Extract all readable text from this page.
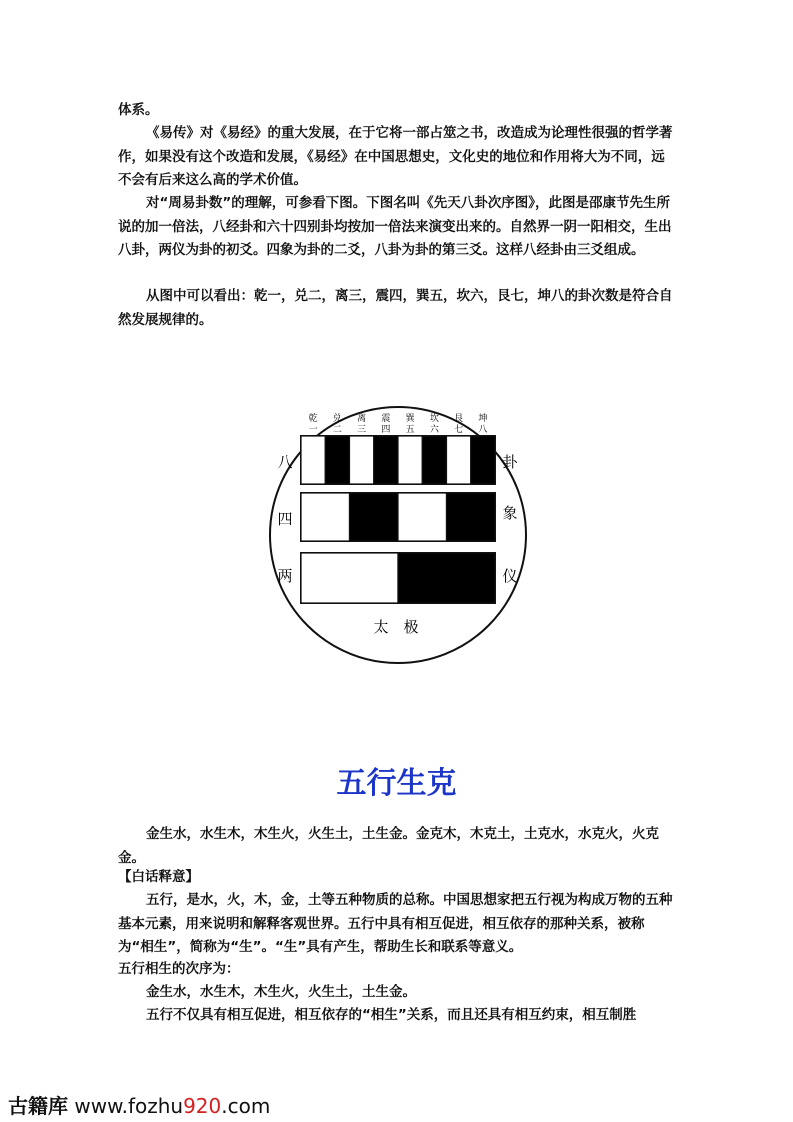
体系。

《易传》对《易经》的重大发展，在于它将一部占筮之书，改造成为论理性很强的哲学著作，如果没有这个改造和发展，《易经》在中国思想史，文化史的地位和作用将大为不同，远不会有后来这么高的学术价值。

对“周易卦数”的理解，可参看下图。下图名叫《先天八卦次序图》，此图是邵康节先生所说的加一倍法，八经卦和六十四别卦均按加一倍法来演变出来的。自然界一阴一阳相交，生出八卦，两仪为卦的初爻。四象为卦的二爻，八卦为卦的第三爻。这样八经卦由三爻组成。

从图中可以看出：乾一，兑二，离三，震四，巽五，坎六，艮七，坤八的卦次数是符合自然发展规律的。

乾 兑 离 震 巽 坎 艮 坤
一 二 三 四 五 六 七 八
八
四
两
卦
象
仪
太　极
五行生克

金生水，水生木，木生火，火生土，土生金。金克木，木克土，土克水，水克火，火克金。

【白话释意】

五行，是水，火，木，金，土等五种物质的总称。中国思想家把五行视为构成万物的五种基本元素，用来说明和解释客观世界。五行中具有相互促进，相互依存的那种关系，被称为“相生”，简称为“生”。“生”具有产生，帮助生长和联系等意义。

五行相生的次序为：

金生水，水生木，木生火，火生土，土生金。

五行不仅具有相互促进，相互依存的“相生”关系，而且还具有相互约束，相互制胜

古籍库 www.fozhu920.com
